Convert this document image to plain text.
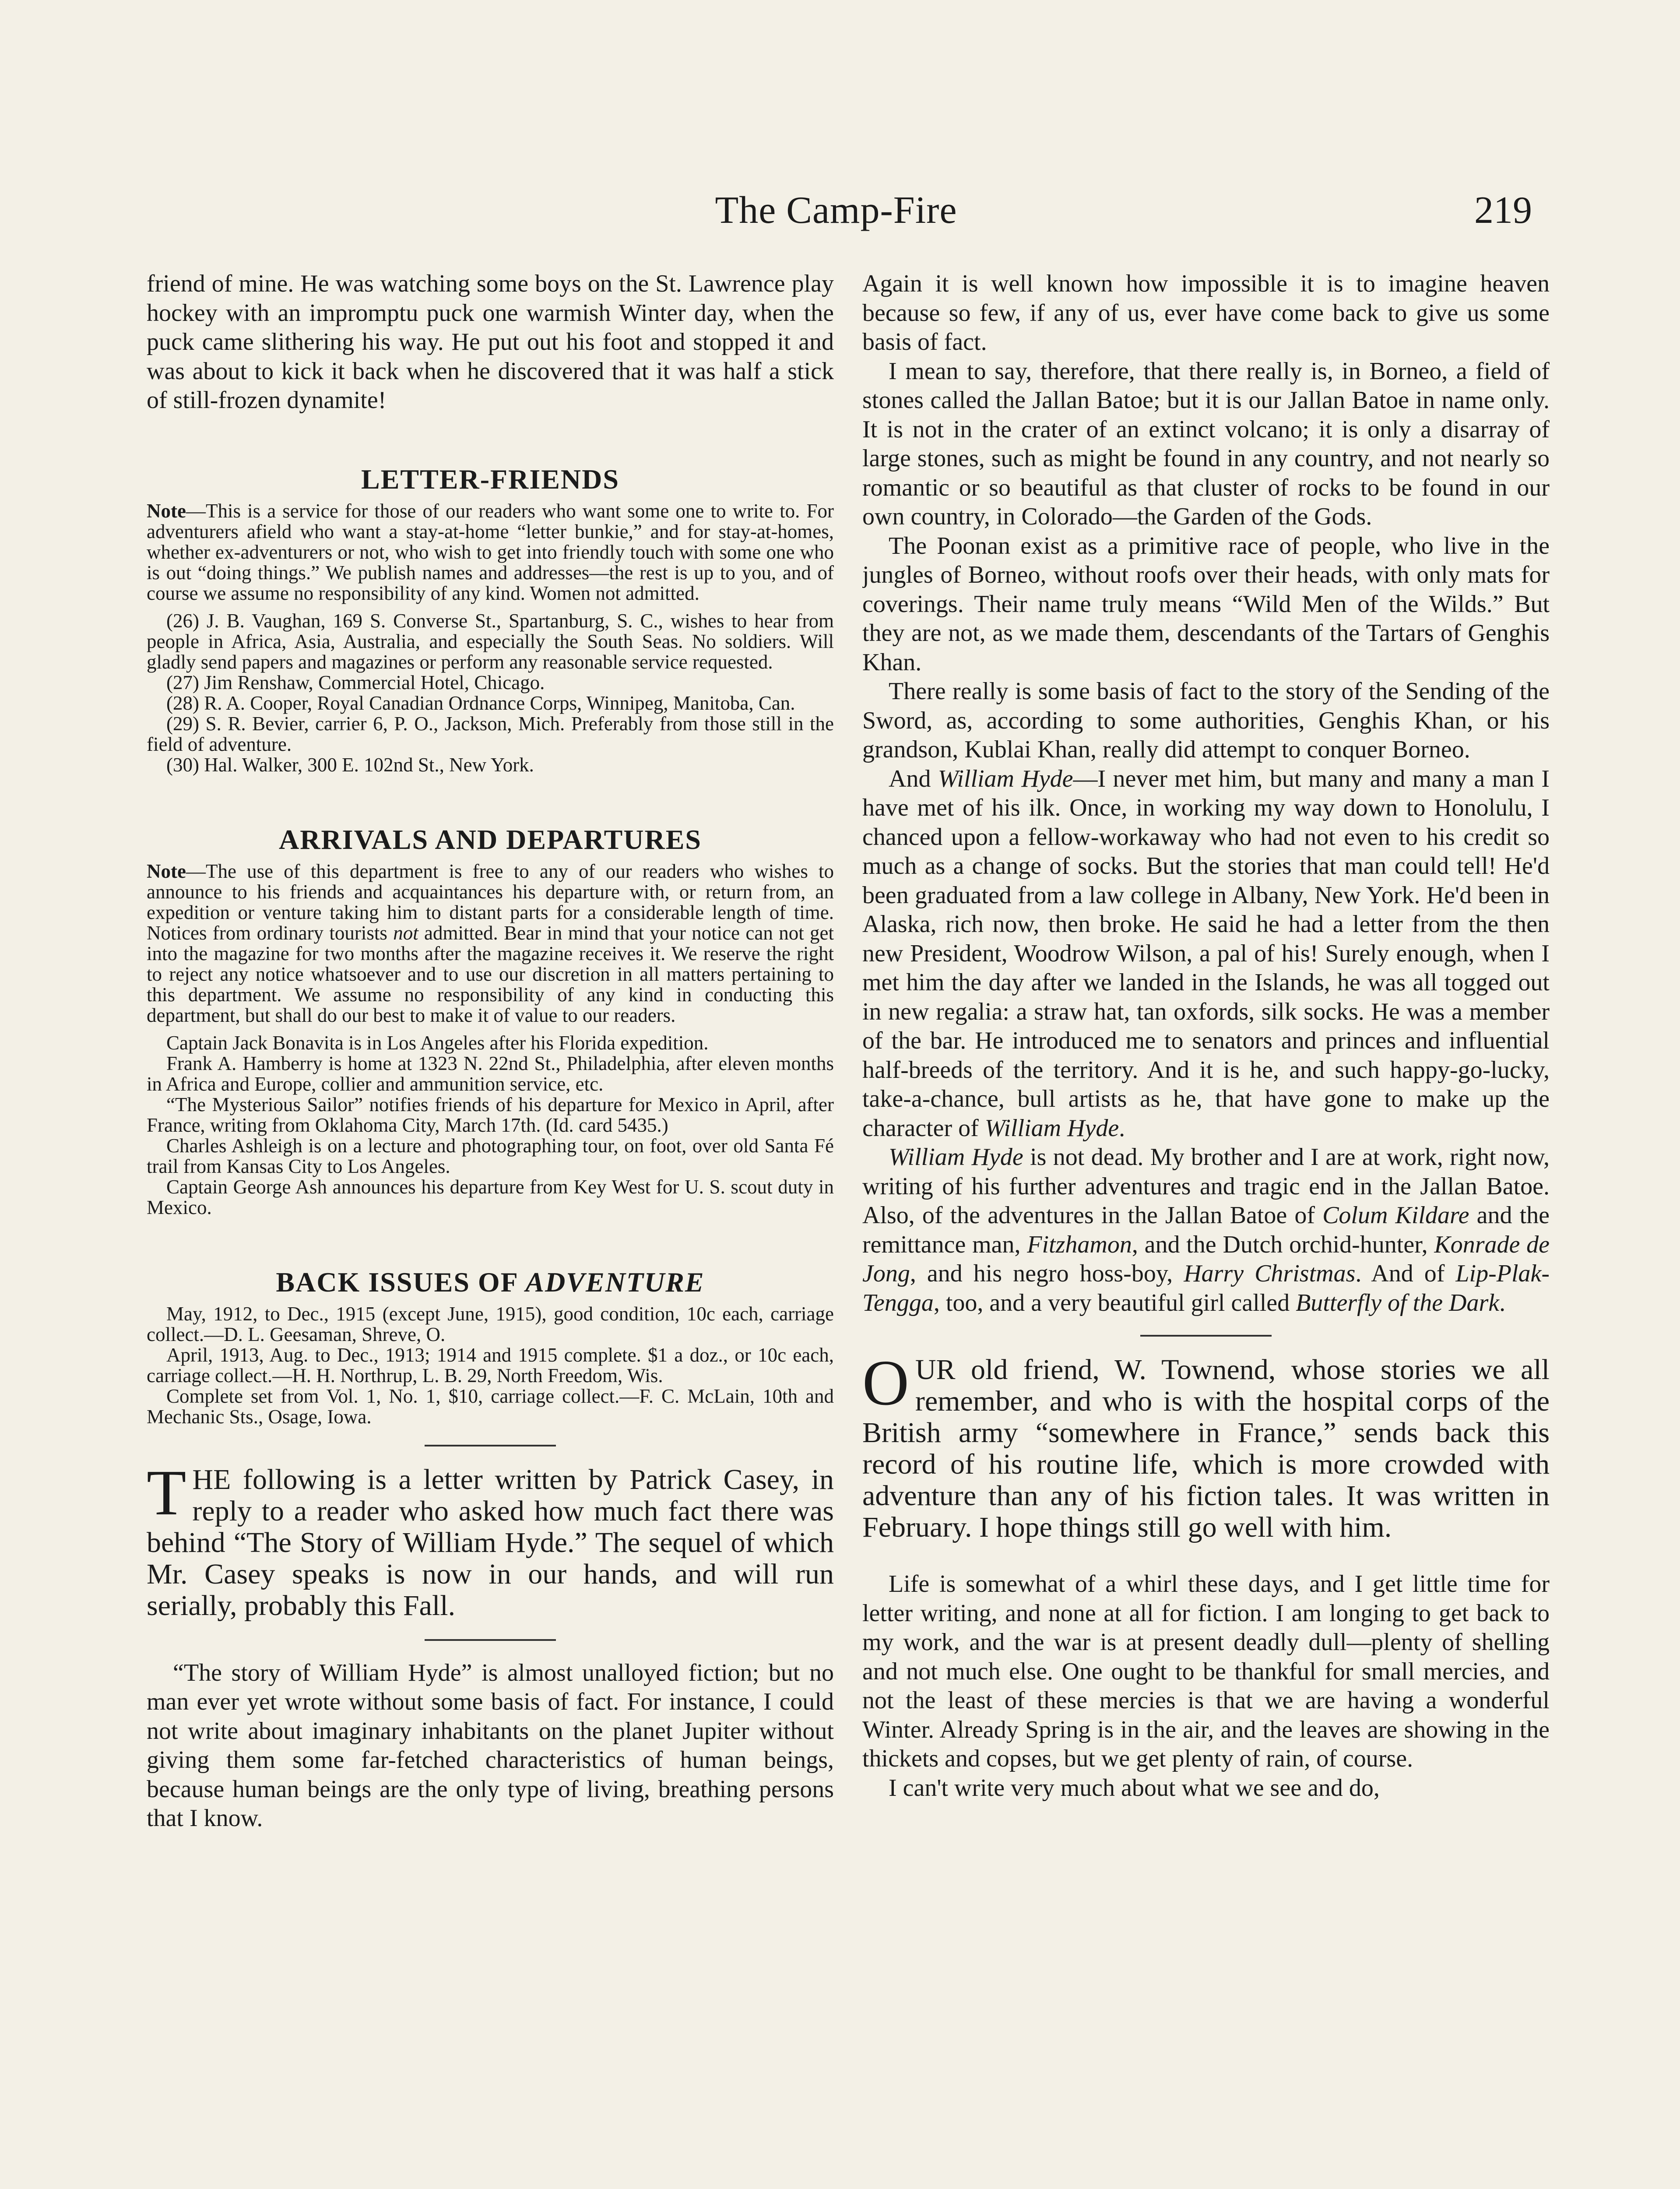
The Camp-Fire	219

friend of mine. He was watching some boys on the St. Lawrence play hockey with an impromptu puck one warmish Winter day, when the puck came slithering his way. He put out his foot and stopped it and was about to kick it back when he discovered that it was half a stick of still-frozen dynamite!

LETTER-FRIENDS

Note—This is a service for those of our readers who want some one to write to. For adventurers afield who want a stay-at-home “letter bunkie,” and for stay-at-homes, whether ex-adventurers or not, who wish to get into friendly touch with some one who is out “doing things.” We publish names and addresses—the rest is up to you, and of course we assume no responsibility of any kind. Women not admitted.

(26) J. B. Vaughan, 169 S. Converse St., Spartanburg, S. C., wishes to hear from people in Africa, Asia, Australia, and especially the South Seas. No soldiers. Will gladly send papers and magazines or perform any reasonable service requested.

(27) Jim Renshaw, Commercial Hotel, Chicago.

(28) R. A. Cooper, Royal Canadian Ordnance Corps, Winnipeg, Manitoba, Can.

(29) S. R. Bevier, carrier 6, P. O., Jackson, Mich. Preferably from those still in the field of adventure.

(30) Hal. Walker, 300 E. 102nd St., New York.

ARRIVALS AND DEPARTURES

Note—The use of this department is free to any of our readers who wishes to announce to his friends and acquaintances his departure with, or return from, an expedition or venture taking him to distant parts for a considerable length of time. Notices from ordinary tourists not admitted. Bear in mind that your notice can not get into the magazine for two months after the magazine receives it. We reserve the right to reject any notice whatsoever and to use our discretion in all matters pertaining to this department. We assume no responsibility of any kind in conducting this department, but shall do our best to make it of value to our readers.

Captain Jack Bonavita is in Los Angeles after his Florida expedition.

Frank A. Hamberry is home at 1323 N. 22nd St., Philadelphia, after eleven months in Africa and Europe, collier and ammunition service, etc.

“The Mysterious Sailor” notifies friends of his departure for Mexico in April, after France, writing from Oklahoma City, March 17th. (Id. card 5435.)

Charles Ashleigh is on a lecture and photographing tour, on foot, over old Santa Fé trail from Kansas City to Los Angeles.

Captain George Ash announces his departure from Key West for U. S. scout duty in Mexico.

BACK ISSUES OF ADVENTURE

May, 1912, to Dec., 1915 (except June, 1915), good condition, 10c each, carriage collect.—D. L. Geesaman, Shreve, O.

April, 1913, Aug. to Dec., 1913; 1914 and 1915 complete. $1 a doz., or 10c each, carriage collect.—H. H. Northrup, L. B. 29, North Freedom, Wis.

Complete set from Vol. 1, No. 1, $10, carriage collect.—F. C. McLain, 10th and Mechanic Sts., Osage, Iowa.

THE following is a letter written by Patrick Casey, in reply to a reader who asked how much fact there was behind “The Story of William Hyde.” The sequel of which Mr. Casey speaks is now in our hands, and will run serially, probably this Fall.

“The story of William Hyde” is almost unalloyed fiction; but no man ever yet wrote without some basis of fact. For instance, I could not write about imaginary inhabitants on the planet Jupiter without giving them some far-fetched characteristics of human beings, because human beings are the only type of living, breathing persons that I know.

Again it is well known how impossible it is to imagine heaven because so few, if any of us, ever have come back to give us some basis of fact.

I mean to say, therefore, that there really is, in Borneo, a field of stones called the Jallan Batoe; but it is our Jallan Batoe in name only. It is not in the crater of an extinct volcano; it is only a disarray of large stones, such as might be found in any country, and not nearly so romantic or so beautiful as that cluster of rocks to be found in our own country, in Colorado—the Garden of the Gods.

The Poonan exist as a primitive race of people, who live in the jungles of Borneo, without roofs over their heads, with only mats for coverings. Their name truly means “Wild Men of the Wilds.” But they are not, as we made them, descendants of the Tartars of Genghis Khan.

There really is some basis of fact to the story of the Sending of the Sword, as, according to some authorities, Genghis Khan, or his grandson, Kublai Khan, really did attempt to conquer Borneo.

And William Hyde—I never met him, but many and many a man I have met of his ilk. Once, in working my way down to Honolulu, I chanced upon a fellow-workaway who had not even to his credit so much as a change of socks. But the stories that man could tell! He'd been graduated from a law college in Albany, New York. He'd been in Alaska, rich now, then broke. He said he had a letter from the then new President, Woodrow Wilson, a pal of his! Surely enough, when I met him the day after we landed in the Islands, he was all togged out in new regalia: a straw hat, tan oxfords, silk socks. He was a member of the bar. He introduced me to senators and princes and influential half-breeds of the territory. And it is he, and such happy-go-lucky, take-a-chance, bull artists as he, that have gone to make up the character of William Hyde.

William Hyde is not dead. My brother and I are at work, right now, writing of his further adventures and tragic end in the Jallan Batoe. Also, of the adventures in the Jallan Batoe of Colum Kildare and the remittance man, Fitzhamon, and the Dutch orchid-hunter, Konrade de Jong, and his negro hoss-boy, Harry Christmas. And of Lip-Plak-Tengga, too, and a very beautiful girl called Butterfly of the Dark.

OUR old friend, W. Townend, whose stories we all remember, and who is with the hospital corps of the British army “somewhere in France,” sends back this record of his routine life, which is more crowded with adventure than any of his fiction tales. It was written in February. I hope things still go well with him.

Life is somewhat of a whirl these days, and I get little time for letter writing, and none at all for fiction. I am longing to get back to my work, and the war is at present deadly dull—plenty of shelling and not much else. One ought to be thankful for small mercies, and not the least of these mercies is that we are having a wonderful Winter. Already Spring is in the air, and the leaves are showing in the thickets and copses, but we get plenty of rain, of course.

I can't write very much about what we see and do,
